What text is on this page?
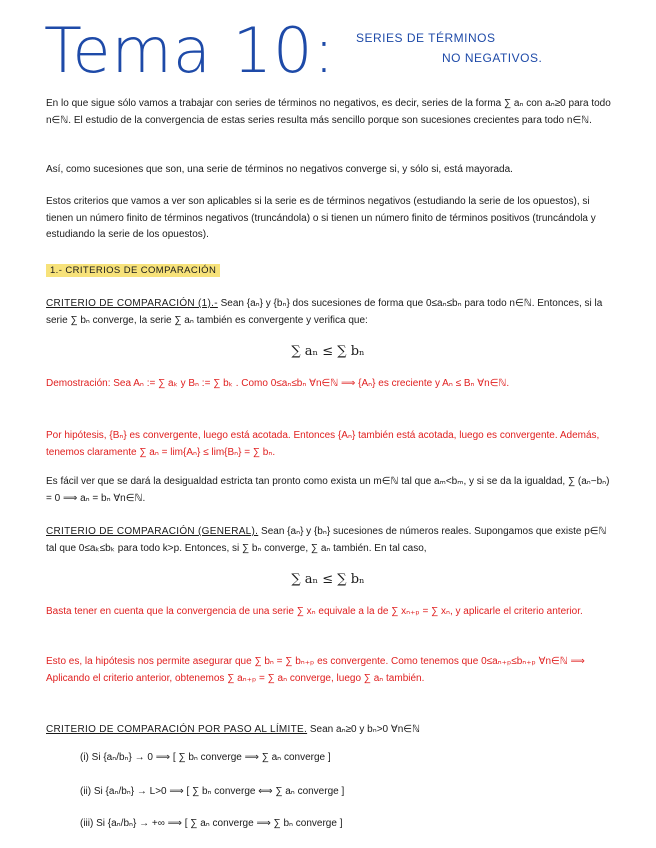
Tema 10: SERIES DE TÉRMINOS
NO NEGATIVOS.

En lo que sigue sólo vamos a trabajar con series de términos no negativos, es decir, series de la forma ∑ aₙ con aₙ≥0 para todo n∈ℕ. El estudio de la convergencia de estas series resulta más sencillo porque son sucesiones crecientes para todo n∈ℕ.

Así, como sucesiones que son, una serie de términos no negativos converge si, y sólo si, está mayorada.

Estos criterios que vamos a ver son aplicables si la serie es de términos negativos (estudiando la serie de los opuestos), si tienen un número finito de términos negativos (truncándola) o si tienen un número finito de términos positivos (truncándola y estudiando la serie de los opuestos).

1.- CRITERIOS DE COMPARACIÓN

CRITERIO DE COMPARACIÓN (1).- Sean {aₙ} y {bₙ} dos sucesiones de forma que 0≤aₙ≤bₙ para todo n∈ℕ. Entonces, si la serie ∑ bₙ converge, la serie ∑ aₙ también es convergente y verifica que:

∑ aₙ ≤ ∑ bₙ

Demostración: Sea Aₙ := ∑ aₖ y Bₙ := ∑ bₖ . Como 0≤aₙ≤bₙ ∀n∈ℕ ⟹ {Aₙ} es creciente y Aₙ ≤ Bₙ ∀n∈ℕ.

Por hipótesis, {Bₙ} es convergente, luego está acotada. Entonces {Aₙ} también está acotada, luego es convergente. Además, tenemos claramente ∑ aₙ = lim{Aₙ} ≤ lim{Bₙ} = ∑ bₙ.

Es fácil ver que se dará la desigualdad estricta tan pronto como exista un m∈ℕ tal que aₘ<bₘ, y si se da la igualdad, ∑ (aₙ−bₙ) = 0 ⟹ aₙ = bₙ ∀n∈ℕ.

CRITERIO DE COMPARACIÓN (GENERAL). Sean {aₙ} y {bₙ} sucesiones de números reales. Supongamos que existe p∈ℕ tal que 0≤aₖ≤bₖ para todo k>p. Entonces, si ∑ bₙ converge, ∑ aₙ también. En tal caso,

∑ aₙ ≤ ∑ bₙ

Basta tener en cuenta que la convergencia de una serie ∑ xₙ equivale a la de ∑ xₙ₊ₚ = ∑ xₙ, y aplicarle el criterio anterior.

Esto es, la hipótesis nos permite asegurar que ∑ bₙ = ∑ bₙ₊ₚ es convergente. Como tenemos que 0≤aₙ₊ₚ≤bₙ₊ₚ ∀n∈ℕ ⟹ Aplicando el criterio anterior, obtenemos ∑ aₙ₊ₚ = ∑ aₙ converge, luego ∑ aₙ también.

CRITERIO DE COMPARACIÓN POR PASO AL LÍMITE. Sean aₙ≥0 y bₙ>0 ∀n∈ℕ

(i) Si {aₙ/bₙ} → 0 ⟹ [ ∑ bₙ converge ⟹ ∑ aₙ converge ]
(ii) Si {aₙ/bₙ} → L>0 ⟹ [ ∑ bₙ converge ⟺ ∑ aₙ converge ]
(iii) Si {aₙ/bₙ} → +∞ ⟹ [ ∑ aₙ converge ⟹ ∑ bₙ converge ]
